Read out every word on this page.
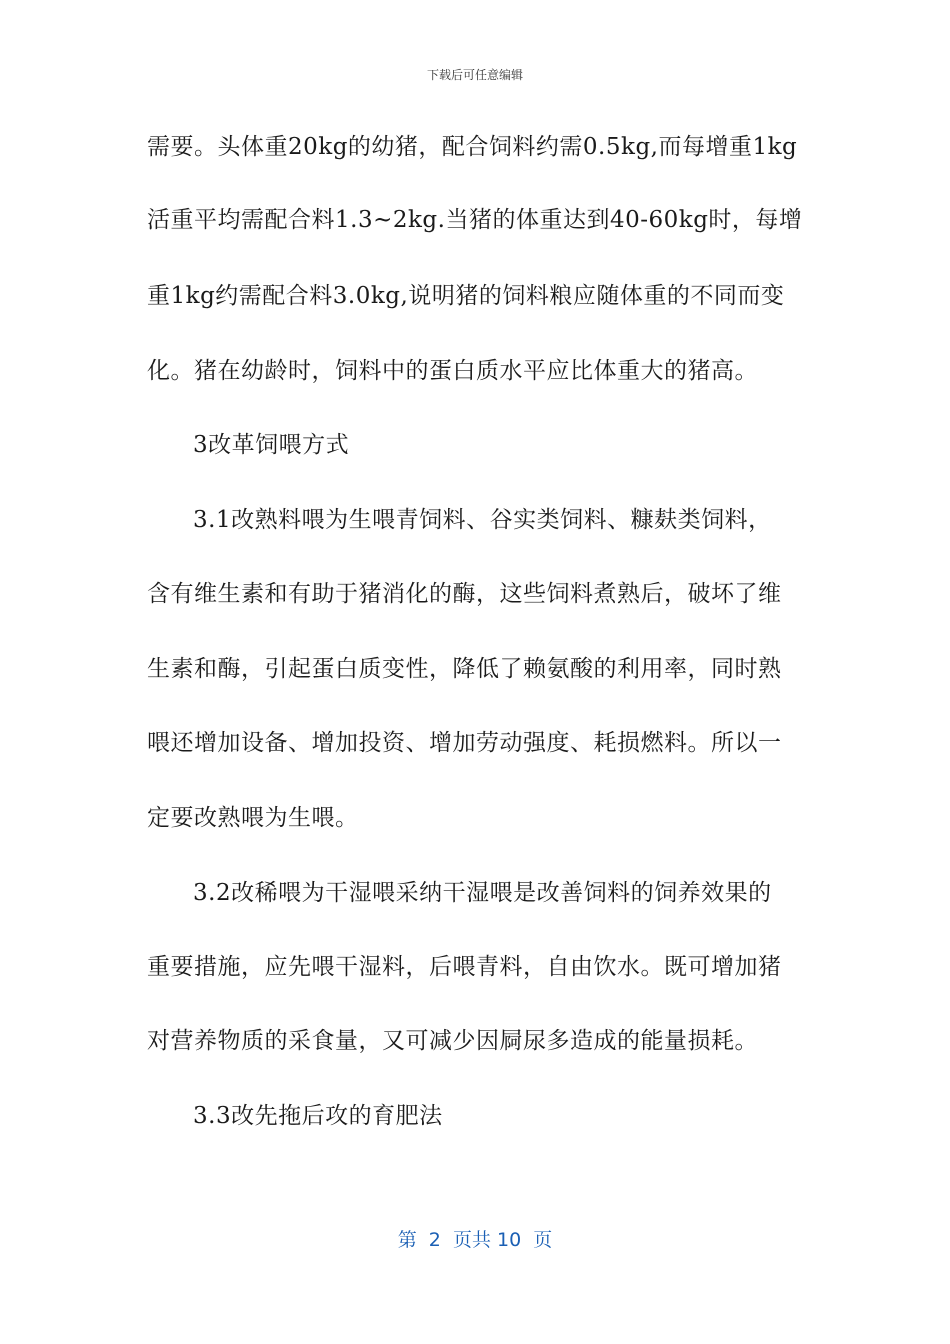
下载后可任意编辑
需要。头体重20kg的幼猪，配合饲料约需0.5kg,而每增重1kg
活重平均需配合料1.3~2kg.当猪的体重达到40-60kg时，每增
重1kg约需配合料3.0kg,说明猪的饲料粮应随体重的不同而变
化。猪在幼龄时，饲料中的蛋白质水平应比体重大的猪高。
3改革饲喂方式
3.1改熟料喂为生喂青饲料、谷实类饲料、糠麸类饲料，
含有维生素和有助于猪消化的酶，这些饲料煮熟后，破坏了维
生素和酶，引起蛋白质变性，降低了赖氨酸的利用率，同时熟
喂还增加设备、增加投资、增加劳动强度、耗损燃料。所以一
定要改熟喂为生喂。
3.2改稀喂为干湿喂采纳干湿喂是改善饲料的饲养效果的
重要措施，应先喂干湿料，后喂青料，自由饮水。既可增加猪
对营养物质的采食量，又可减少因屙尿多造成的能量损耗。
3.3改先拖后攻的育肥法
第  2  页共 10  页
